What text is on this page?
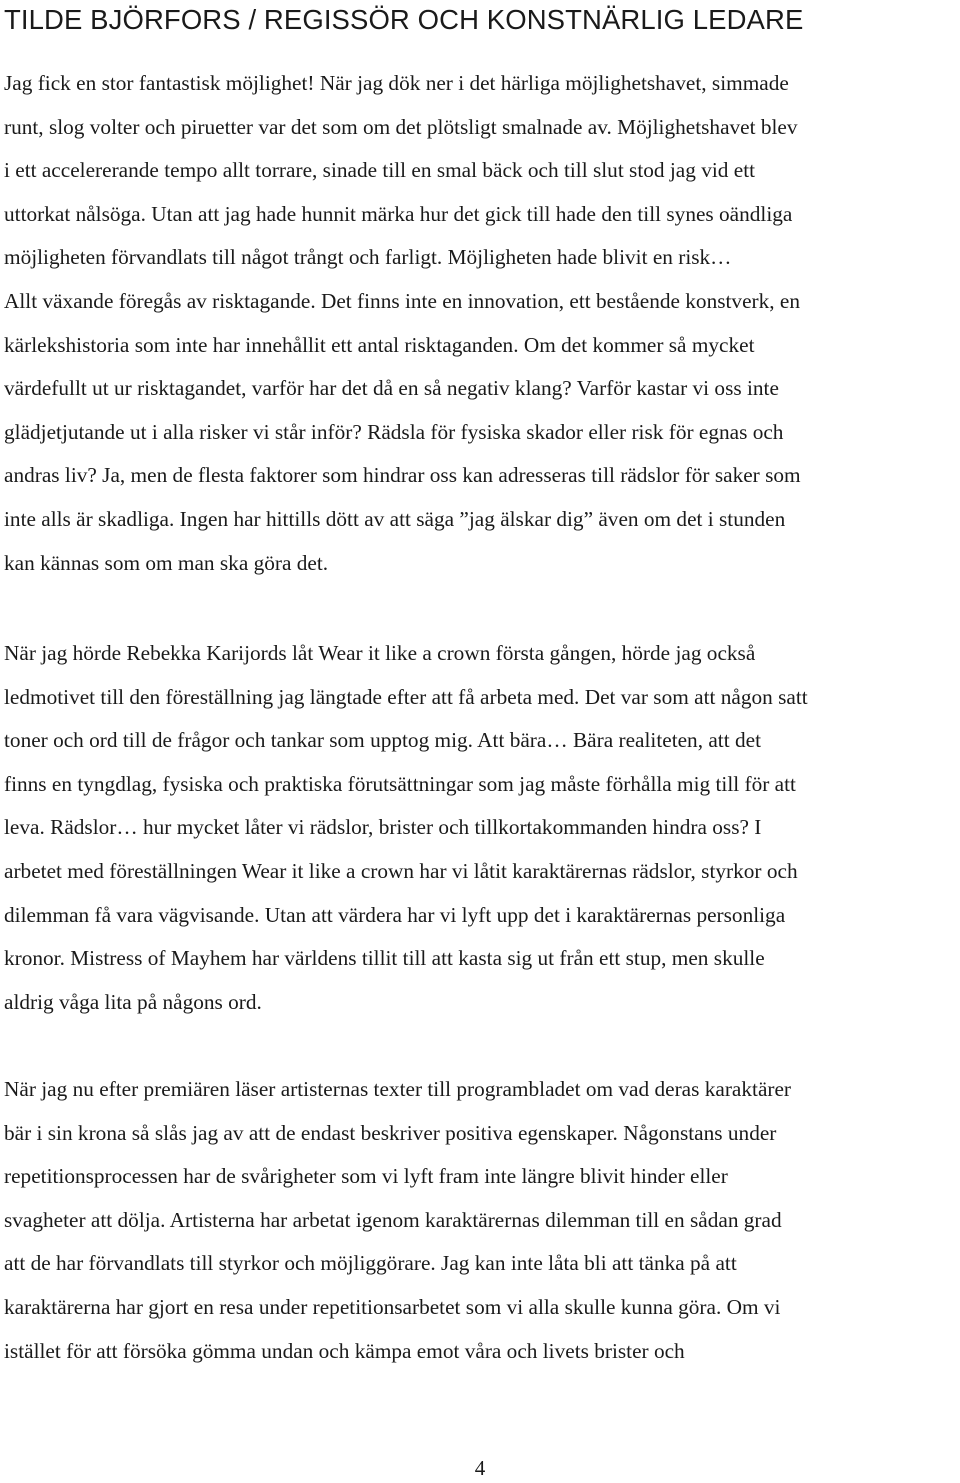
TILDE BJÖRFORS / REGISSÖR OCH KONSTNÄRLIG LEDARE
Jag fick en stor fantastisk möjlighet! När jag dök ner i det härliga möjlighetshavet, simmade
runt, slog volter och piruetter var det som om det plötsligt smalnade av. Möjlighetshavet blev
i ett accelererande tempo allt torrare, sinade till en smal bäck och till slut stod jag vid ett
uttorkat nålsöga. Utan att jag hade hunnit märka hur det gick till hade den till synes oändliga
möjligheten förvandlats till något trångt och farligt. Möjligheten hade blivit en risk…
Allt växande föregås av risktagande. Det finns inte en innovation, ett bestående konstverk, en
kärlekshistoria som inte har innehållit ett antal risktaganden. Om det kommer så mycket
värdefullt ut ur risktagandet, varför har det då en så negativ klang? Varför kastar vi oss inte
glädjetjutande ut i alla risker vi står inför? Rädsla för fysiska skador eller risk för egnas och
andras liv? Ja, men de flesta faktorer som hindrar oss kan adresseras till rädslor för saker som
inte alls är skadliga. Ingen har hittills dött av att säga ”jag älskar dig” även om det i stunden
kan kännas som om man ska göra det.
När jag hörde Rebekka Karijords låt Wear it like a crown första gången, hörde jag också
ledmotivet till den föreställning jag längtade efter att få arbeta med. Det var som att någon satt
toner och ord till de frågor och tankar som upptog mig. Att bära… Bära realiteten, att det
finns en tyngdlag, fysiska och praktiska förutsättningar som jag måste förhålla mig till för att
leva. Rädslor… hur mycket låter vi rädslor, brister och tillkortakommanden hindra oss? I
arbetet med föreställningen Wear it like a crown har vi låtit karaktärernas rädslor, styrkor och
dilemman få vara vägvisande. Utan att värdera har vi lyft upp det i karaktärernas personliga
kronor. Mistress of Mayhem har världens tillit till att kasta sig ut från ett stup, men skulle
aldrig våga lita på någons ord.
När jag nu efter premiären läser artisternas texter till programbladet om vad deras karaktärer
bär i sin krona så slås jag av att de endast beskriver positiva egenskaper. Någonstans under
repetitionsprocessen har de svårigheter som vi lyft fram inte längre blivit hinder eller
svagheter att dölja. Artisterna har arbetat igenom karaktärernas dilemman till en sådan grad
att de har förvandlats till styrkor och möjliggörare. Jag kan inte låta bli att tänka på att
karaktärerna har gjort en resa under repetitionsarbetet som vi alla skulle kunna göra. Om vi
istället för att försöka gömma undan och kämpa emot våra och livets brister och
4
